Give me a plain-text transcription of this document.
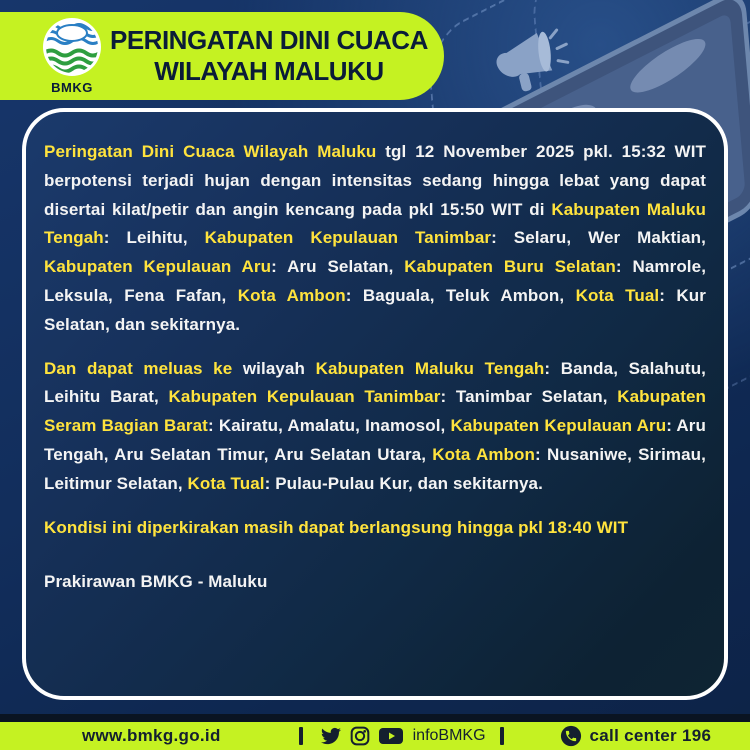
BMKG
PERINGATAN DINI CUACA
WILAYAH MALUKU

Peringatan Dini Cuaca Wilayah Maluku tgl 12 November 2025 pkl. 15:32 WIT berpotensi terjadi hujan dengan intensitas sedang hingga lebat yang dapat disertai kilat/petir dan angin kencang pada pkl 15:50 WIT di Kabupaten Maluku Tengah: Leihitu, Kabupaten Kepulauan Tanimbar: Selaru, Wer Maktian, Kabupaten Kepulauan Aru: Aru Selatan, Kabupaten Buru Selatan: Namrole, Leksula, Fena Fafan, Kota Ambon: Baguala, Teluk Ambon, Kota Tual: Kur Selatan, dan sekitarnya.

Dan dapat meluas ke wilayah Kabupaten Maluku Tengah: Banda, Salahutu, Leihitu Barat, Kabupaten Kepulauan Tanimbar: Tanimbar Selatan, Kabupaten Seram Bagian Barat: Kairatu, Amalatu, Inamosol, Kabupaten Kepulauan Aru: Aru Tengah, Aru Selatan Timur, Aru Selatan Utara, Kota Ambon: Nusaniwe, Sirimau, Leitimur Selatan, Kota Tual: Pulau-Pulau Kur, dan sekitarnya.

Kondisi ini diperkirakan masih dapat berlangsung hingga pkl 18:40 WIT

Prakirawan BMKG - Maluku

www.bmkg.go.id	infoBMKG	call center 196
